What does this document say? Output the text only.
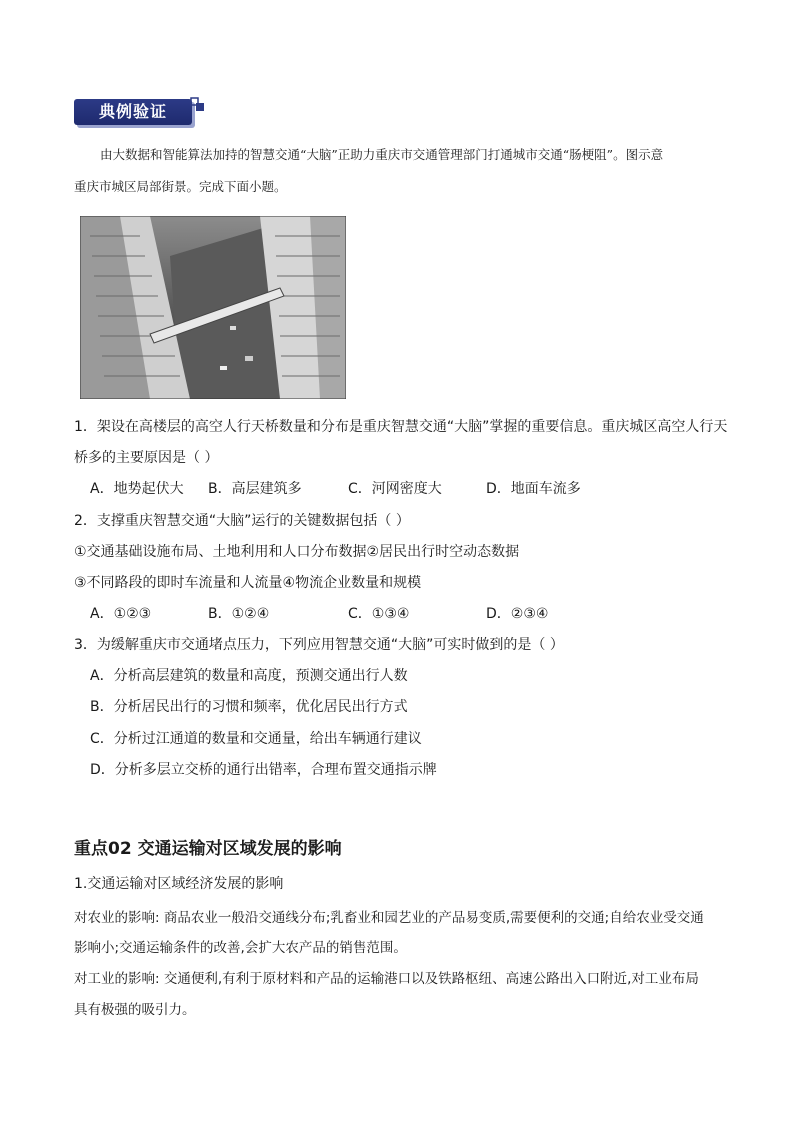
典例验证
由大数据和智能算法加持的智慧交通“大脑”正助力重庆市交通管理部门打通城市交通“肠梗阻”。图示意
重庆市城区局部街景。完成下面小题。
1．架设在高楼层的高空人行天桥数量和分布是重庆智慧交通“大脑”掌握的重要信息。重庆城区高空人行天
桥多的主要原因是（ ）
A．地势起伏大 B．高层建筑多	C．河网密度大	D．地面车流多
2．支撑重庆智慧交通“大脑”运行的关键数据包括（ ）
①交通基础设施布局、土地利用和人口分布数据②居民出行时空动态数据
③不同路段的即时车流量和人流量④物流企业数量和规模
A．①②③	B．①②④	C．①③④	D．②③④
3．为缓解重庆市交通堵点压力，下列应用智慧交通“大脑”可实时做到的是（ ）
A．分析高层建筑的数量和高度，预测交通出行人数
B．分析居民出行的习惯和频率，优化居民出行方式
C．分析过江通道的数量和交通量，给出车辆通行建议
D．分析多层立交桥的通行出错率，合理布置交通指示牌
重点02 交通运输对区域发展的影响
1.交通运输对区域经济发展的影响
对农业的影响: 商品农业一般沿交通线分布;乳畜业和园艺业的产品易变质,需要便利的交通;自给农业受交通
影响小;交通运输条件的改善,会扩大农产品的销售范围。
对工业的影响: 交通便利,有利于原材料和产品的运输港口以及铁路枢纽、高速公路出入口附近,对工业布局
具有极强的吸引力。
